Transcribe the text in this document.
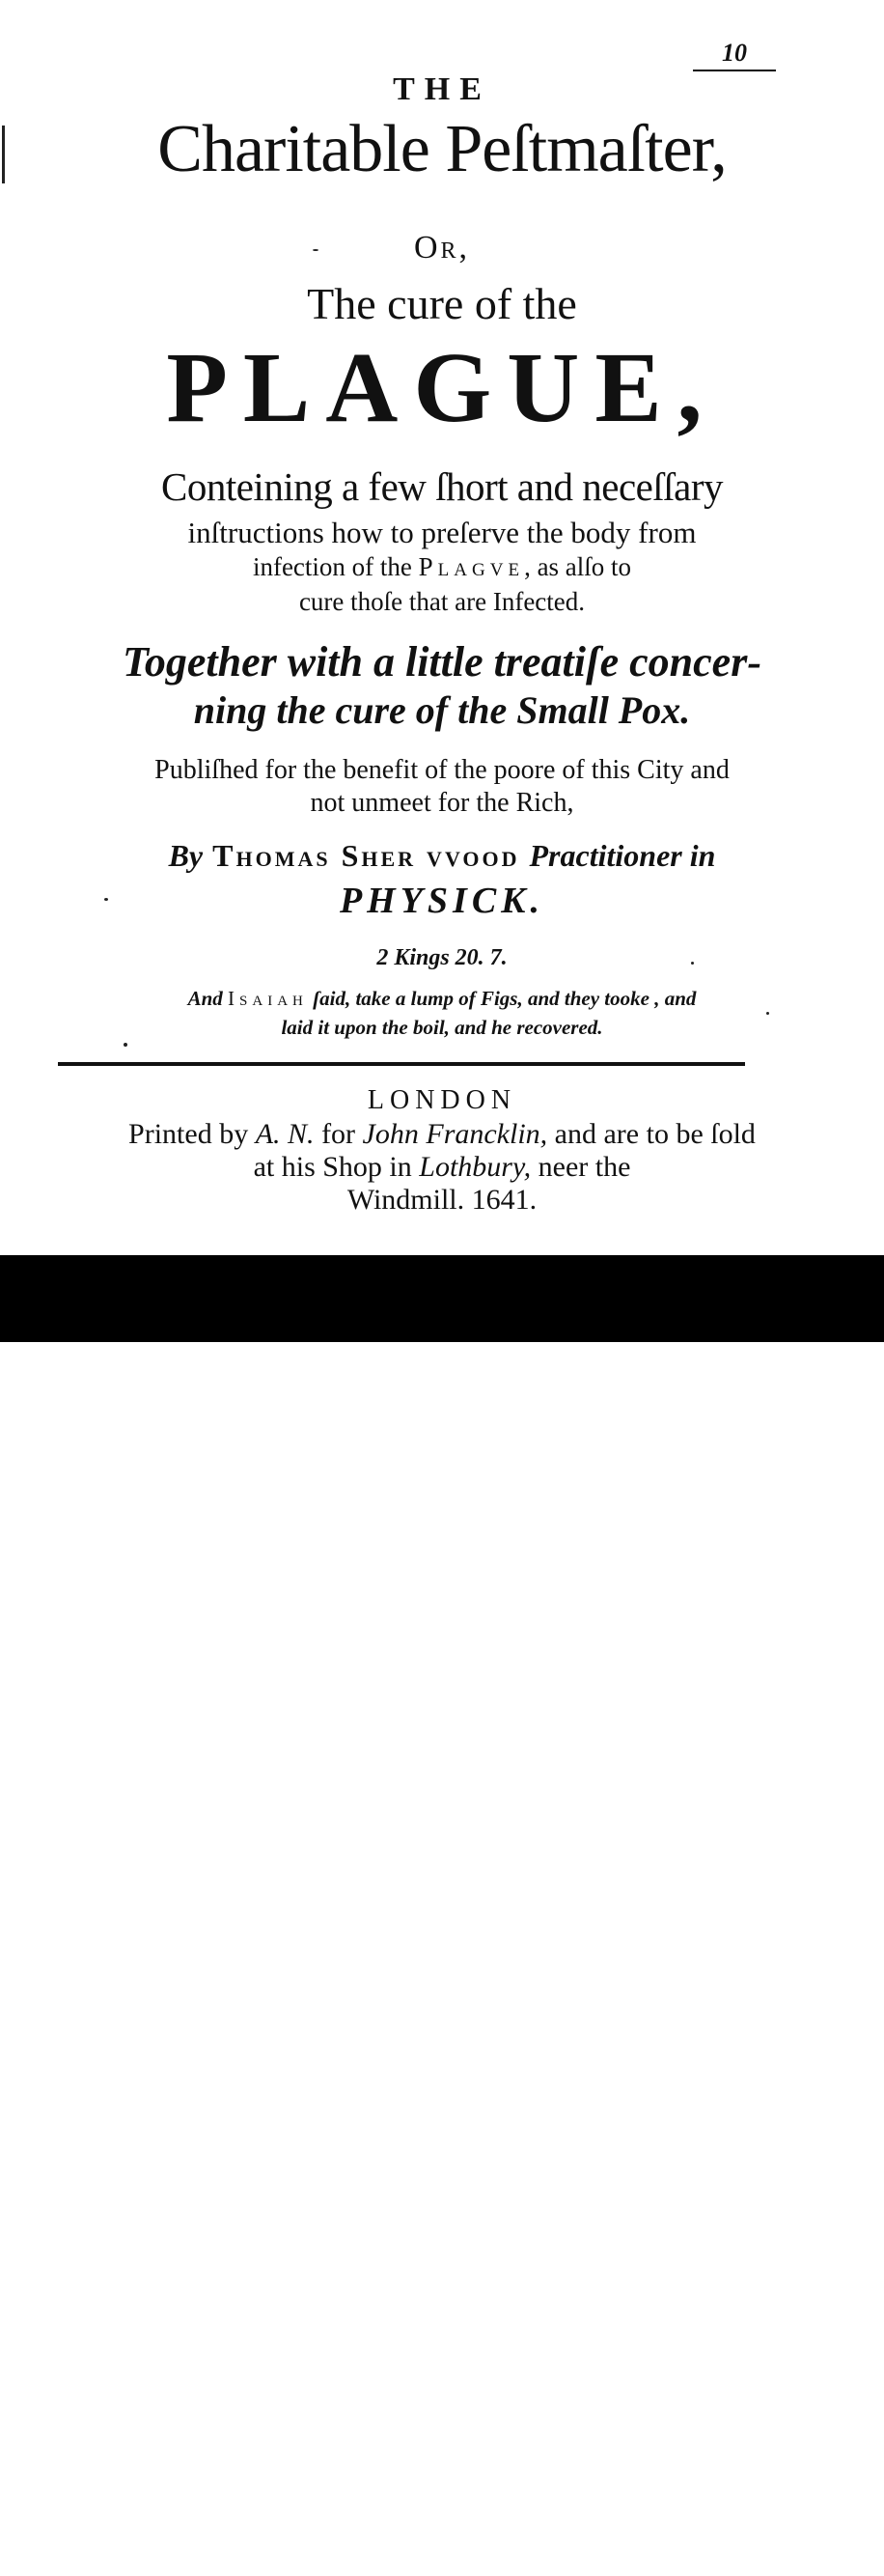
10
THE
Charitable Peſtmaſter,
Or,
The cure of the
PLAGUE,
Conteining a few ſhort and neceſſary
inſtructions how to preſerve the body from
infection of the Plagve, as alſo to
cure thoſe that are Infected.
Together with a little treatiſe concer-
ning the cure of the Small Pox.
Publiſhed for the benefit of the poore of this City and
not unmeet for the Rich,
By Thomas Sher vvood Practitioner in
PHYSICK.
2 Kings 20. 7.
And Isaiah ſaid, take a lump of Figs, and they tooke , and
laid it upon the boil, and he recovered.
LONDON
Printed by A. N. for John Francklin, and are to be ſold
at his Shop in Lothbury, neer the
Windmill. 1641.
alamy	EC825J
www.alamy.com
